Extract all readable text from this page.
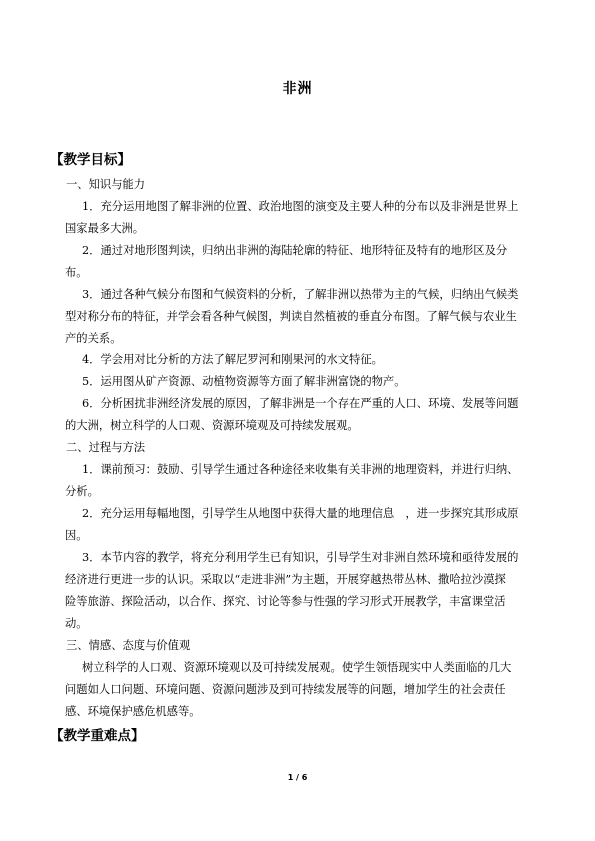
非洲
【教学目标】
一、知识与能力
1．充分运用地图了解非洲的位置、政治地图的演变及主要人种的分布以及非洲是世界上
国家最多大洲。
2．通过对地形图判读，归纳出非洲的海陆轮廓的特征、地形特征及特有的地形区及分
布。
3．通过各种气候分布图和气候资料的分析，了解非洲以热带为主的气候，归纳出气候类
型对称分布的特征，并学会看各种气候图，判读自然植被的垂直分布图。了解气候与农业生
产的关系。
4．学会用对比分析的方法了解尼罗河和刚果河的水文特征。
5．运用图从矿产资源、动植物资源等方面了解非洲富饶的物产。
6．分析困扰非洲经济发展的原因，了解非洲是一个存在严重的人口、环境、发展等问题
的大洲，树立科学的人口观、资源环境观及可持续发展观。
二、过程与方法
1．课前预习：鼓励、引导学生通过各种途径来收集有关非洲的地理资料，并进行归纳、
分析。
2．充分运用每幅地图，引导学生从地图中获得大量的地理信息　，进一步探究其形成原
因。
3．本节内容的教学，将充分利用学生已有知识，引导学生对非洲自然环境和亟待发展的
经济进行更进一步的认识。采取以“走进非洲”为主题，开展穿越热带丛林、撒哈拉沙漠探
险等旅游、探险活动，以合作、探究、讨论等参与性强的学习形式开展教学，丰富课堂活
动。
三、情感、态度与价值观
树立科学的人口观、资源环境观以及可持续发展观。使学生领悟现实中人类面临的几大
问题如人口问题、环境问题、资源问题涉及到可持续发展等的问题，增加学生的社会责任
感、环境保护感危机感等。
【教学重难点】
1 / 6
